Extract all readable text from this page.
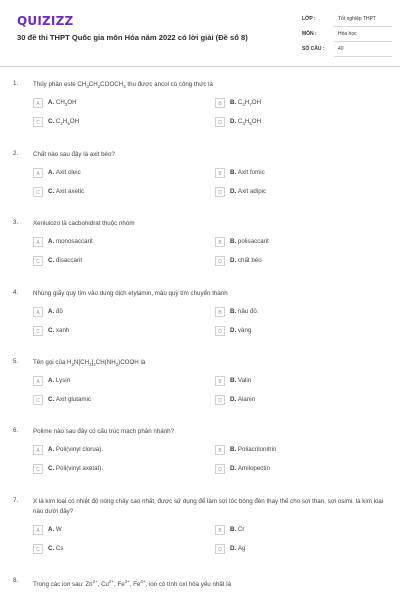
QUIZIZZ
30 đề thi THPT Quốc gia môn Hóa năm 2022 có lời giải (Đề số 8)
LỚP :	Tốt nghiệp THPT
MÔN :	Hóa học
SỐ CÂU :	40
1. Thủy phân este $CH_3CH_2COOCH_3$ thu được ancol có công thức là
A	A. $CH_3OH$	B	B. $C_3H_7OH$
C	C. $C_2H_5OH$	D	D. $C_3H_5OH$
2. Chất nào sau đây là axit béo?
A	A. Axit oleic	B	B. Axit fomic
C	C. Axit axetic	D	D. Axit adipic
3. Xenlulozo là cacbohidrat thuộc nhóm
A	A. monosaccarit	B	B. polisaccarit
C	C. đisaccarit	D	D. chất béo
4. Nhúng giấy quỳ tím vào dung dịch etylamin, màu quỳ tím chuyển thành
A	A. đỏ	B	B. nâu đỏ.
C	C. xanh	D	D. vàng
5. Tên gọi của $H_2N[CH_2]_4CH(NH_2)COOH$ là
A	A. Lysin	B	B. Valin
C	C. Axit glutamic	D	D. Alanin
6. Polime nào sau đây có cấu trúc mạch phân nhánh?
A	A. Poli(vinyl clorua).	B	B. Poliacrilonitrin
C	C. Poli(vinyl axetat).	D	D. Amilopectin
7. X là kim loại có nhiệt độ nóng chảy cao nhất, được sử dụng để làm sợi tóc bóng đèn thay thế cho sợi than, sợi osimi. là kim loại nào dưới đây?
A	A. W	B	B. Cr
C	C. Cs	D	D. Ag
8.
Trong các ion sau: $Zn^{2+}$, $Cu^{2+}$, $Fe^{2+}$, $Fe^{3+}$, ion có tính oxi hóa yếu nhất là
